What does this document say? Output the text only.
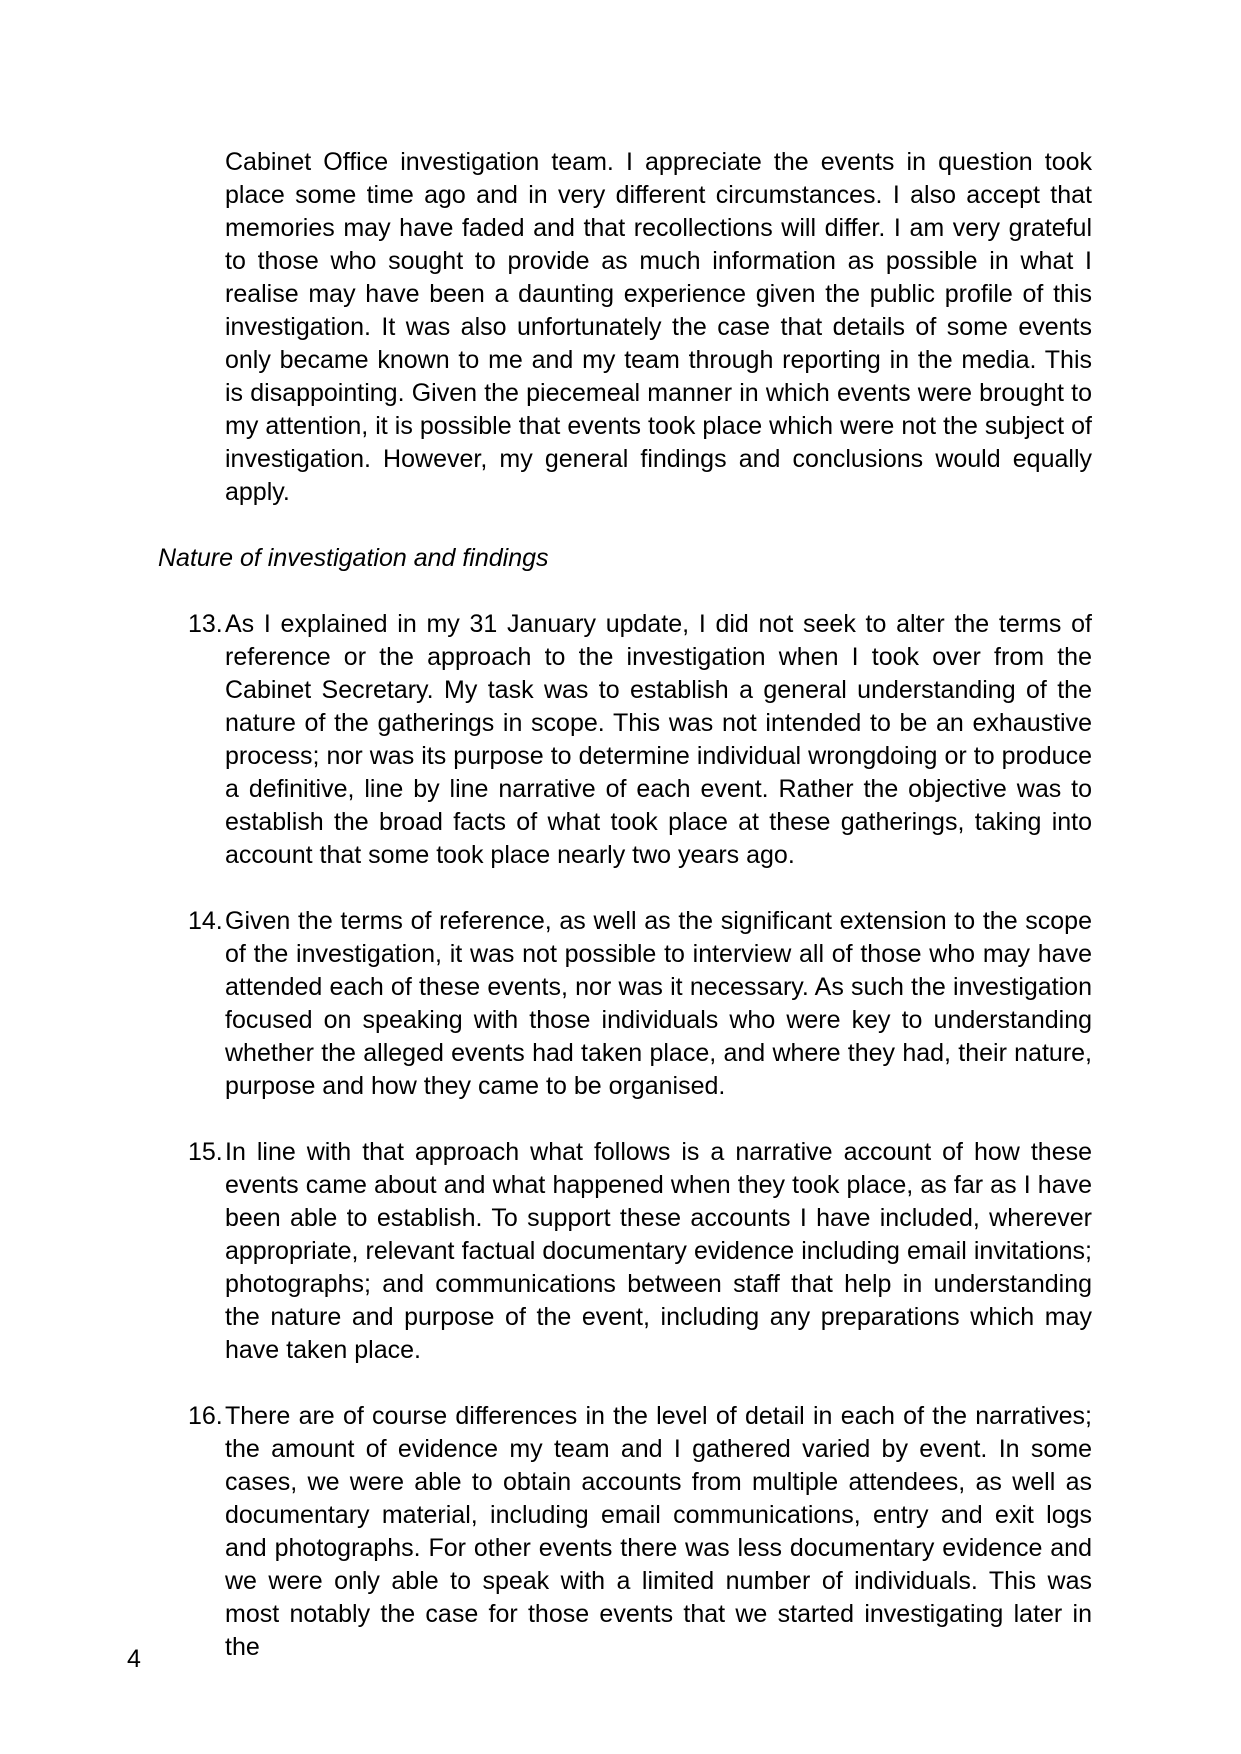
Cabinet Office investigation team. I appreciate the events in question took place some time ago and in very different circumstances. I also accept that memories may have faded and that recollections will differ. I am very grateful to those who sought to provide as much information as possible in what I realise may have been a daunting experience given the public profile of this investigation. It was also unfortunately the case that details of some events only became known to me and my team through reporting in the media. This is disappointing. Given the piecemeal manner in which events were brought to my attention, it is possible that events took place which were not the subject of investigation. However, my general findings and conclusions would equally apply.

Nature of investigation and findings
13. As I explained in my 31 January update, I did not seek to alter the terms of reference or the approach to the investigation when I took over from the Cabinet Secretary. My task was to establish a general understanding of the nature of the gatherings in scope. This was not intended to be an exhaustive process; nor was its purpose to determine individual wrongdoing or to produce a definitive, line by line narrative of each event. Rather the objective was to establish the broad facts of what took place at these gatherings, taking into account that some took place nearly two years ago.
14. Given the terms of reference, as well as the significant extension to the scope of the investigation, it was not possible to interview all of those who may have attended each of these events, nor was it necessary. As such the investigation focused on speaking with those individuals who were key to understanding whether the alleged events had taken place, and where they had, their nature, purpose and how they came to be organised.
15. In line with that approach what follows is a narrative account of how these events came about and what happened when they took place, as far as I have been able to establish. To support these accounts I have included, wherever appropriate, relevant factual documentary evidence including email invitations; photographs; and communications between staff that help in understanding the nature and purpose of the event, including any preparations which may have taken place.
16. There are of course differences in the level of detail in each of the narratives; the amount of evidence my team and I gathered varied by event. In some cases, we were able to obtain accounts from multiple attendees, as well as documentary material, including email communications, entry and exit logs and photographs. For other events there was less documentary evidence and we were only able to speak with a limited number of individuals. This was most notably the case for those events that we started investigating later in the
4
